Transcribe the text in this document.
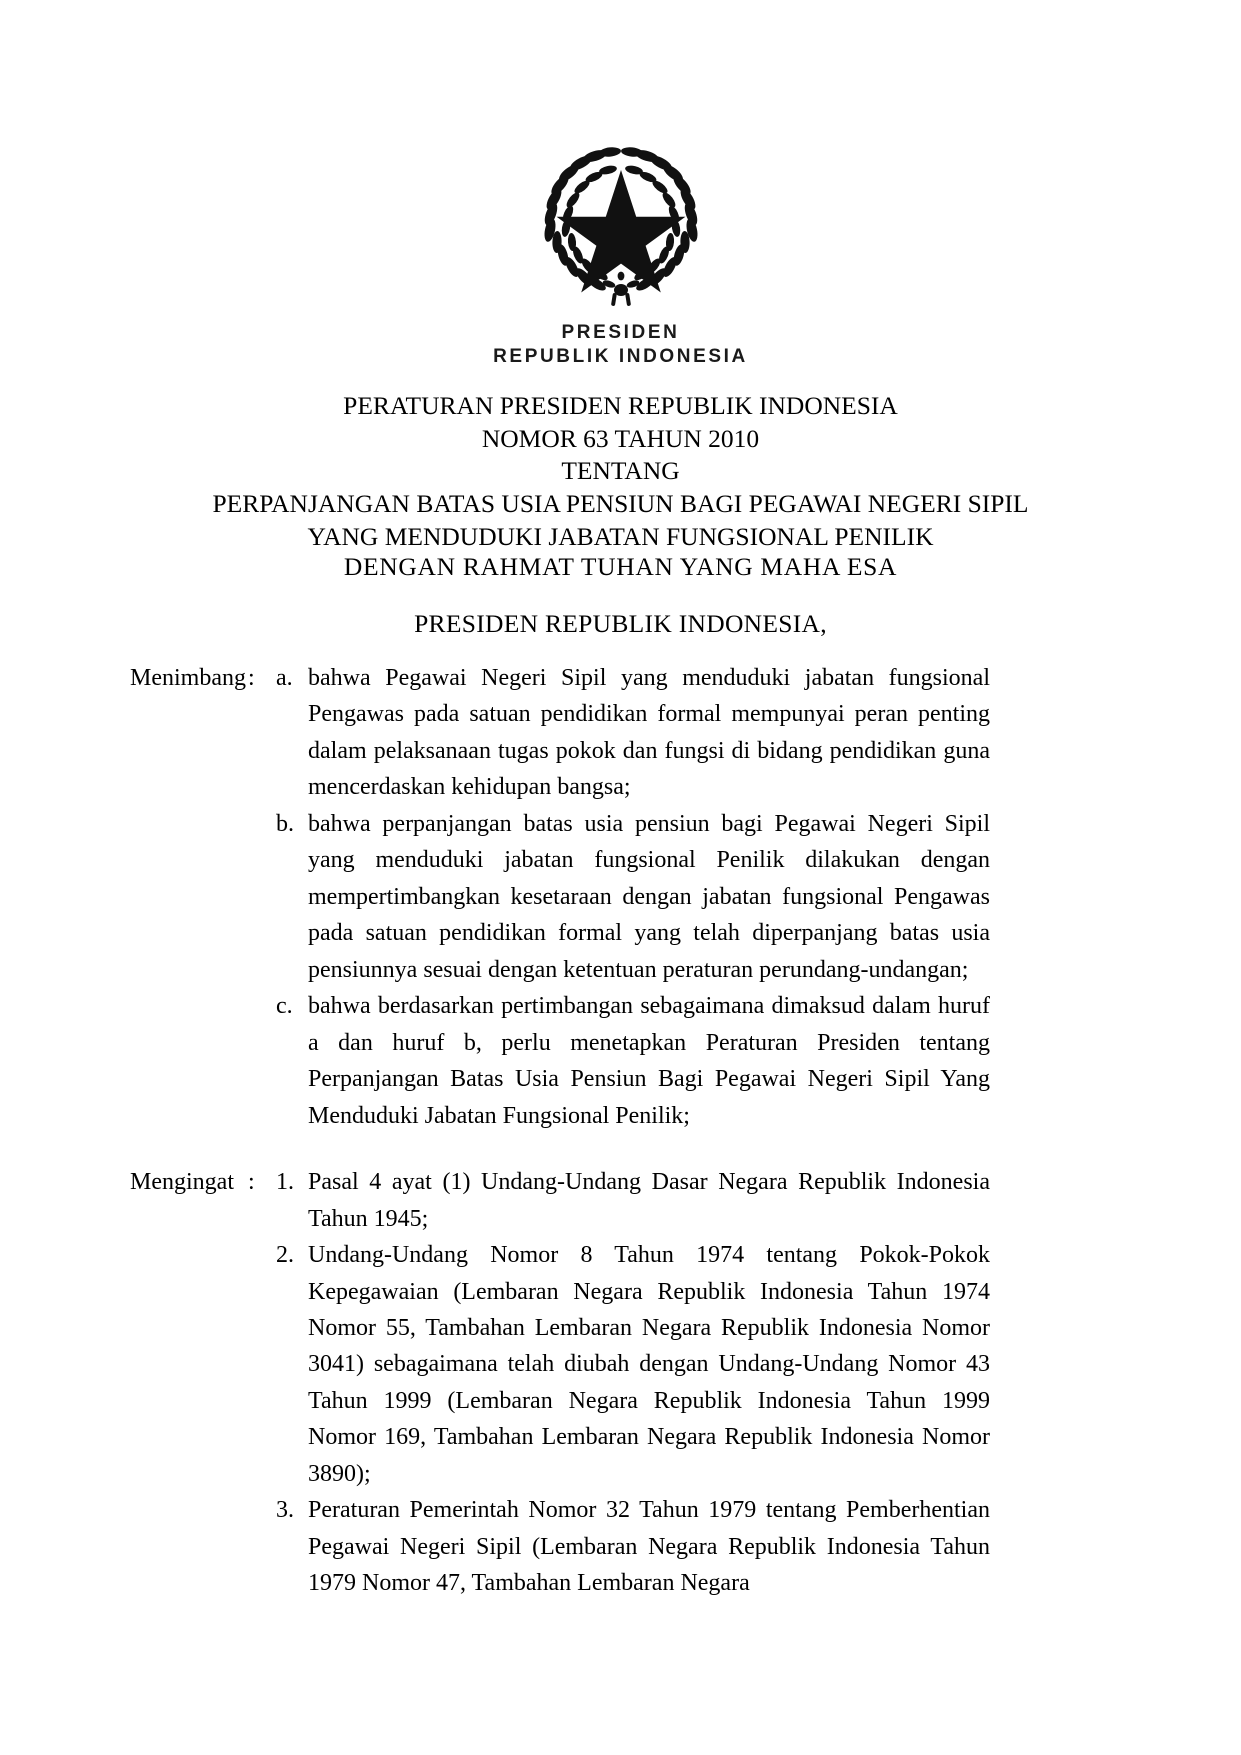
PRESIDEN
REPUBLIK INDONESIA
PERATURAN PRESIDEN REPUBLIK INDONESIA
NOMOR 63 TAHUN 2010
TENTANG
PERPANJANGAN BATAS USIA PENSIUN BAGI PEGAWAI NEGERI SIPIL
YANG MENDUDUKI JABATAN FUNGSIONAL PENILIK
DENGAN RAHMAT TUHAN YANG MAHA ESA
PRESIDEN REPUBLIK INDONESIA,
Menimbang : a. bahwa Pegawai Negeri Sipil yang menduduki jabatan fungsional Pengawas pada satuan pendidikan formal mempunyai peran penting dalam pelaksanaan tugas pokok dan fungsi di bidang pendidikan guna mencerdaskan kehidupan bangsa;
b. bahwa perpanjangan batas usia pensiun bagi Pegawai Negeri Sipil yang menduduki jabatan fungsional Penilik dilakukan dengan mempertimbangkan kesetaraan dengan jabatan fungsional Pengawas pada satuan pendidikan formal yang telah diperpanjang batas usia pensiunnya sesuai dengan ketentuan peraturan perundang-undangan;
c. bahwa berdasarkan pertimbangan sebagaimana dimaksud dalam huruf a dan huruf b, perlu menetapkan Peraturan Presiden tentang Perpanjangan Batas Usia Pensiun Bagi Pegawai Negeri Sipil Yang Menduduki Jabatan Fungsional Penilik;
Mengingat : 1. Pasal 4 ayat (1) Undang-Undang Dasar Negara Republik Indonesia Tahun 1945;
2. Undang-Undang Nomor 8 Tahun 1974 tentang Pokok-Pokok Kepegawaian (Lembaran Negara Republik Indonesia Tahun 1974 Nomor 55, Tambahan Lembaran Negara Republik Indonesia Nomor 3041) sebagaimana telah diubah dengan Undang-Undang Nomor 43 Tahun 1999 (Lembaran Negara Republik Indonesia Tahun 1999 Nomor 169, Tambahan Lembaran Negara Republik Indonesia Nomor 3890);
3. Peraturan Pemerintah Nomor 32 Tahun 1979 tentang Pemberhentian Pegawai Negeri Sipil (Lembaran Negara Republik Indonesia Tahun 1979 Nomor 47, Tambahan Lembaran Negara
